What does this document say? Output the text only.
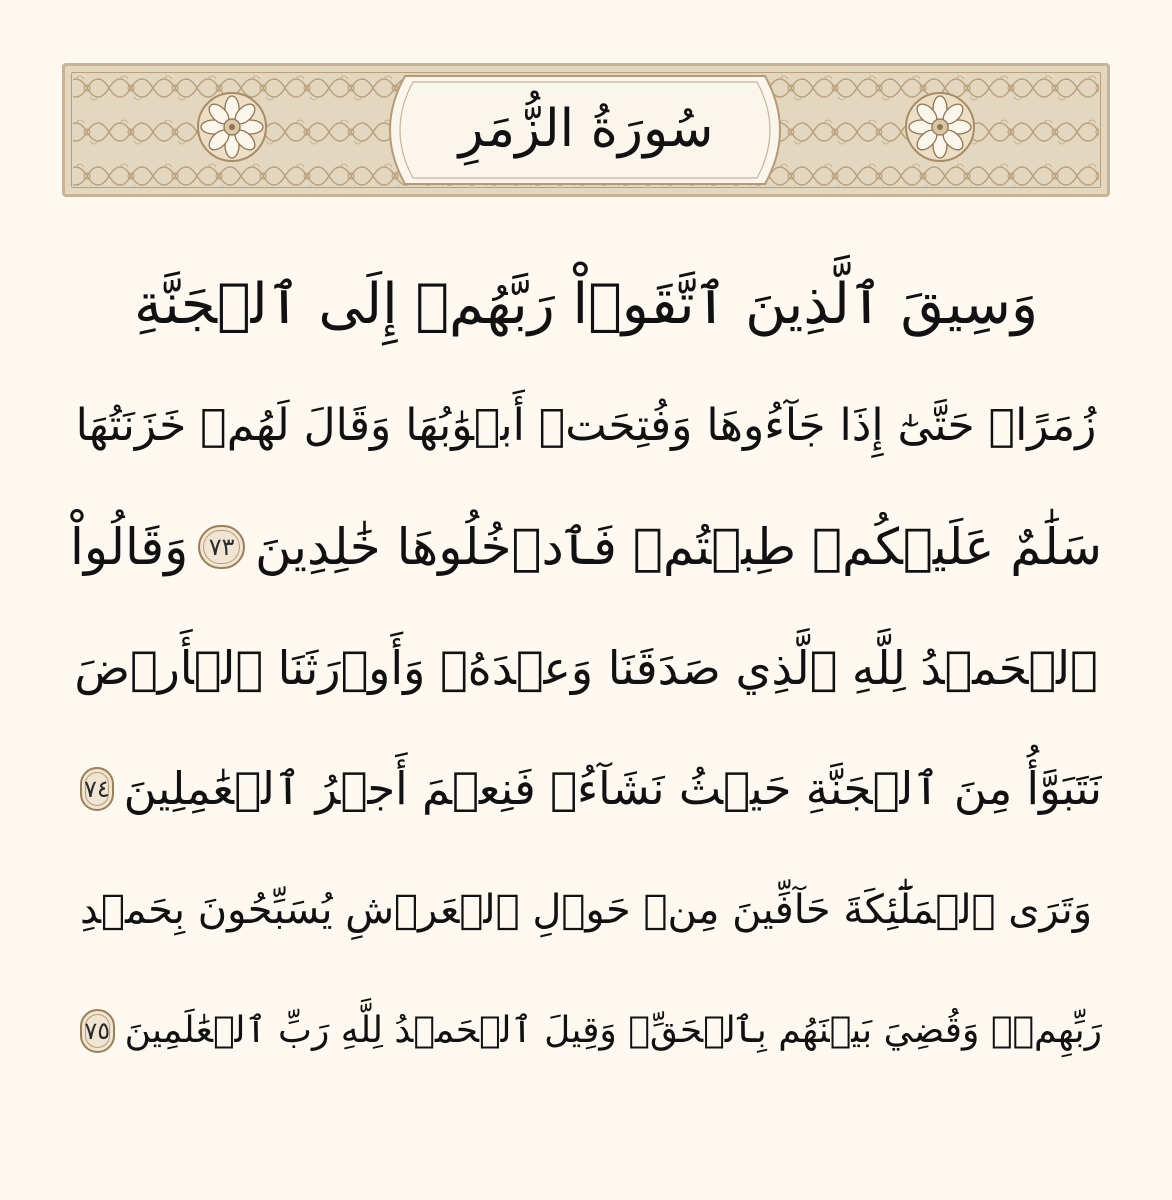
سُورَةُ الزُّمَرِ
وَسِيقَ ٱلَّذِينَ ٱتَّقَوۡاْ رَبَّهُمۡ إِلَى ٱلۡجَنَّةِ
زُمَرًاۖ حَتَّىٰٓ إِذَا جَآءُوهَا وَفُتِحَتۡ أَبۡوَٰبُهَا وَقَالَ لَهُمۡ خَزَنَتُهَا
سَلَٰمٌ عَلَيۡكُمۡ طِبۡتُمۡ فَٱدۡخُلُوهَا خَٰلِدِينَ
٧٣
وَقَالُواْ
ٱلۡحَمۡدُ لِلَّهِ ٱلَّذِي صَدَقَنَا وَعۡدَهُۥ وَأَوۡرَثَنَا ٱلۡأَرۡضَ
نَتَبَوَّأُ مِنَ ٱلۡجَنَّةِ حَيۡثُ نَشَآءُۖ فَنِعۡمَ أَجۡرُ ٱلۡعَٰمِلِينَ
٧٤
وَتَرَى ٱلۡمَلَٰٓئِكَةَ حَآفِّينَ مِنۡ حَوۡلِ ٱلۡعَرۡشِ يُسَبِّحُونَ بِحَمۡدِ
رَبِّهِمۡۚ وَقُضِيَ بَيۡنَهُم بِٱلۡحَقِّۚ وَقِيلَ ٱلۡحَمۡدُ لِلَّهِ رَبِّ ٱلۡعَٰلَمِينَ
٧٥
